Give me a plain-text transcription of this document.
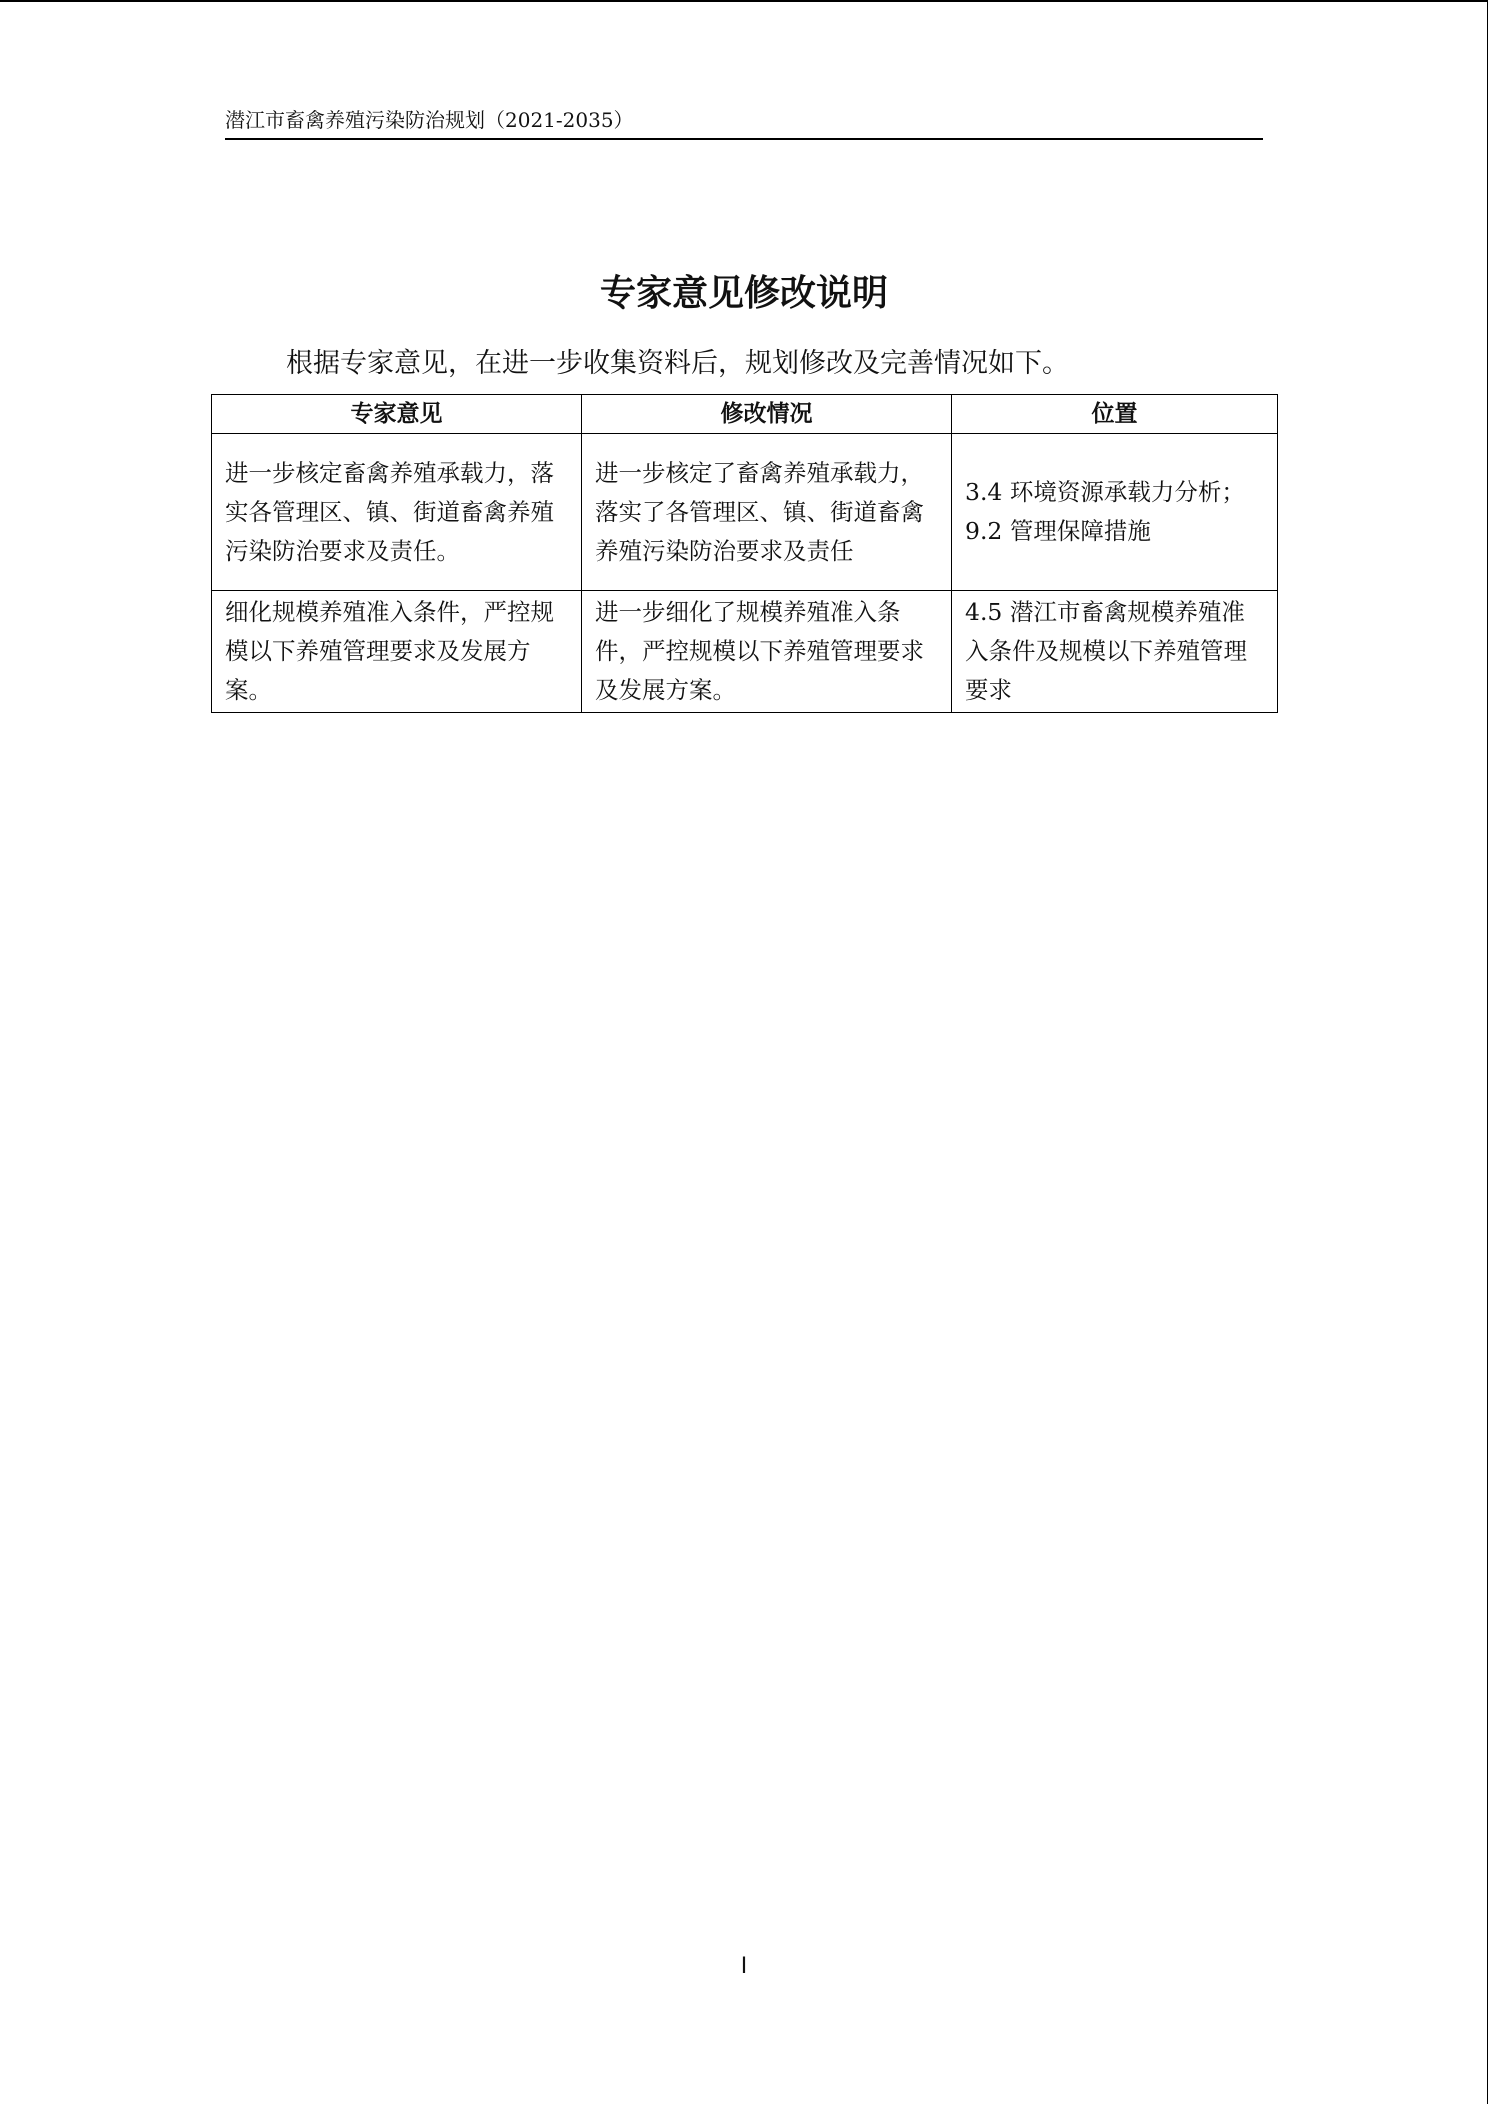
潜江市畜禽养殖污染防治规划（2021-2035）
专家意见修改说明
根据专家意见，在进一步收集资料后，规划修改及完善情况如下。
专家意见	修改情况	位置
进一步核定畜禽养殖承载力，落实各管理区、镇、街道畜禽养殖污染防治要求及责任。	进一步核定了畜禽养殖承载力，落实了各管理区、镇、街道畜禽养殖污染防治要求及责任	3.4 环境资源承载力分析；
9.2 管理保障措施

细化规模养殖准入条件，严控规模以下养殖管理要求及发展方案。	进一步细化了规模养殖准入条件，严控规模以下养殖管理要求及发展方案。	4.5 潜江市畜禽规模养殖准入条件及规模以下养殖管理要求
I
